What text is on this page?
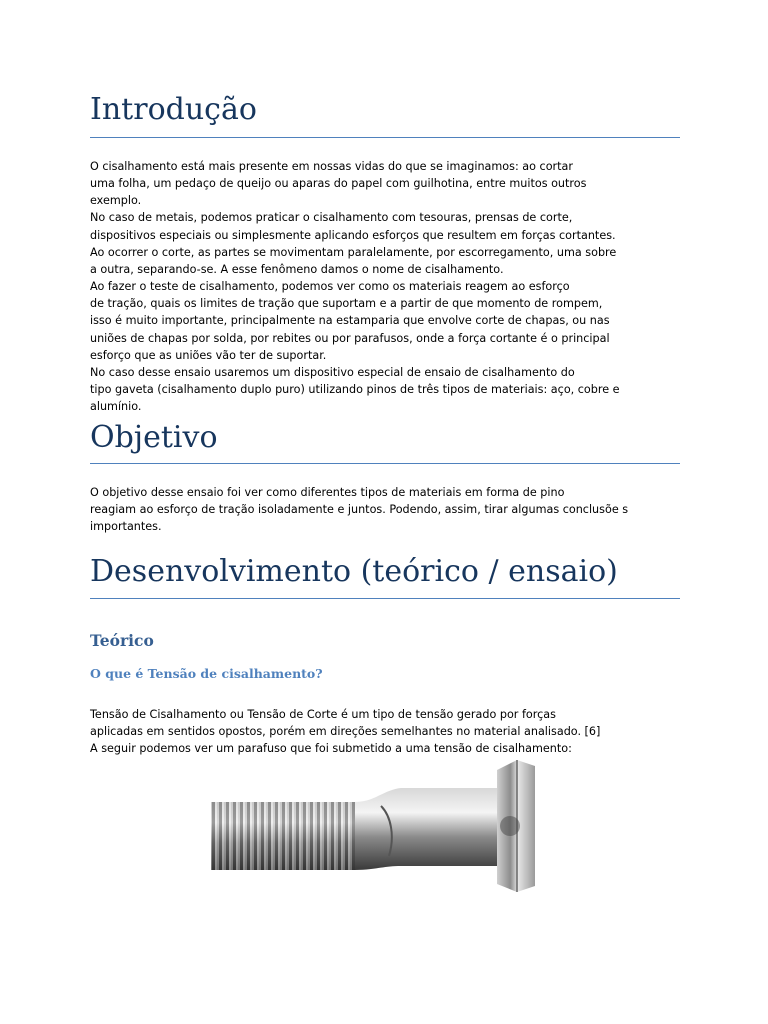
Introdução
O cisalhamento está mais presente em nossas vidas do que se imaginamos: ao cortar
uma folha, um pedaço de queijo ou aparas do papel com guilhotina, entre muitos outros
exemplo.
No caso de metais, podemos praticar o cisalhamento com tesouras, prensas de corte,
dispositivos especiais ou simplesmente aplicando esforços que resultem em forças cortantes.
Ao ocorrer o corte, as partes se movimentam paralelamente, por escorregamento, uma sobre
a outra, separando-se. A esse fenômeno damos o nome de cisalhamento.
Ao fazer o teste de cisalhamento, podemos ver como os materiais reagem ao esforço
de tração, quais os limites de tração que suportam e a partir de que momento de rompem,
isso é muito importante, principalmente na estamparia que envolve corte de chapas, ou nas
uniões de chapas por solda, por rebites ou por parafusos, onde a força cortante é o principal
esforço que as uniões vão ter de suportar.
No caso desse ensaio usaremos um dispositivo especial de ensaio de cisalhamento do
tipo gaveta (cisalhamento duplo puro) utilizando pinos de três tipos de materiais: aço, cobre e
alumínio.
Objetivo
O objetivo desse ensaio foi ver como diferentes tipos de materiais em forma de pino
reagiam ao esforço de tração isoladamente e juntos. Podendo, assim, tirar algumas conclusõe s
importantes.
Desenvolvimento (teórico / ensaio)
Teórico
O que é Tensão de cisalhamento?
Tensão de Cisalhamento ou Tensão de Corte é um tipo de tensão gerado por forças
aplicadas em sentidos opostos, porém em direções semelhantes no material analisado. [6]
A seguir podemos ver um parafuso que foi submetido a uma tensão de cisalhamento:
